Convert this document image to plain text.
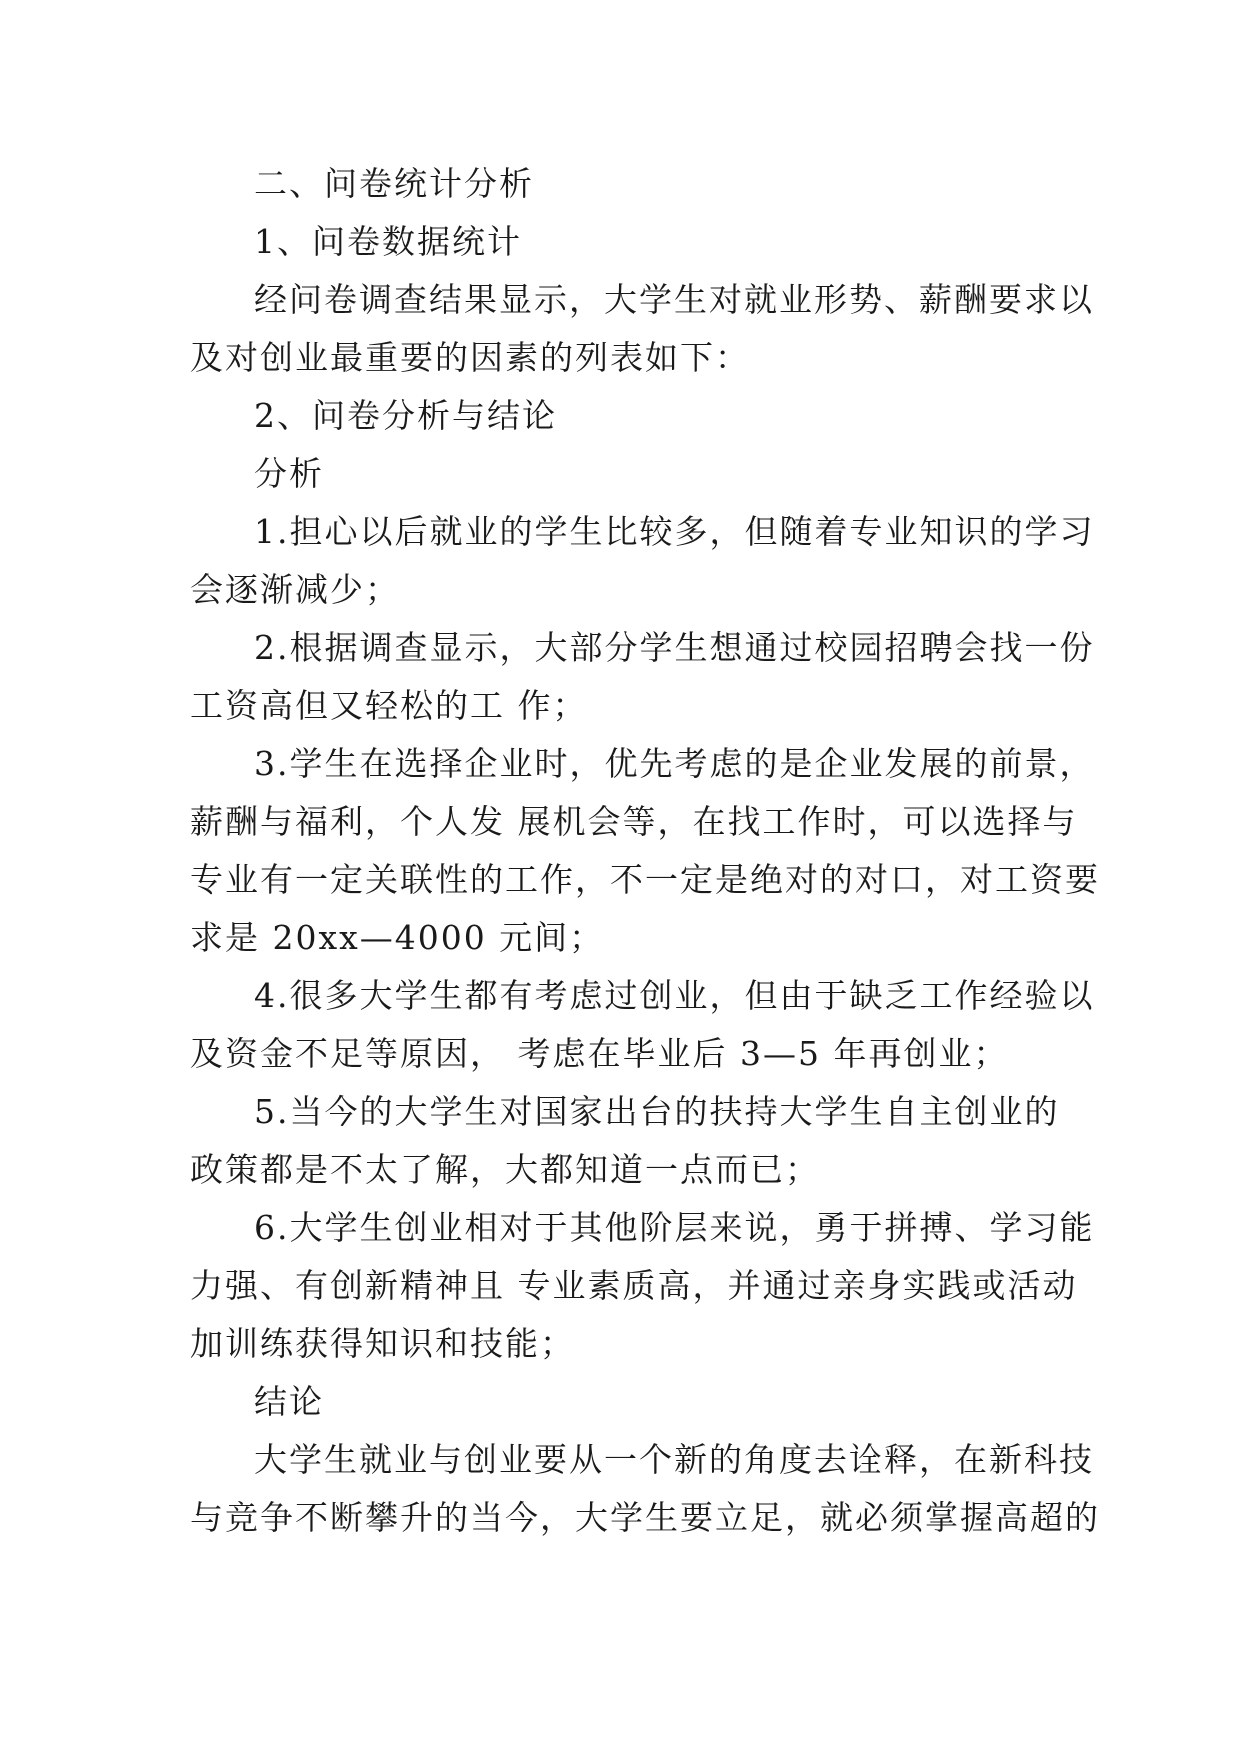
二、问卷统计分析
1、问卷数据统计
经问卷调查结果显示，大学生对就业形势、薪酬要求以
及对创业最重要的因素的列表如下：
2、问卷分析与结论
分析
1.担心以后就业的学生比较多，但随着专业知识的学习
会逐渐减少；
2.根据调查显示，大部分学生想通过校园招聘会找一份
工资高但又轻松的工 作；
3.学生在选择企业时，优先考虑的是企业发展的前景，
薪酬与福利，个人发 展机会等，在找工作时，可以选择与
专业有一定关联性的工作，不一定是绝对的对口，对工资要
求是 20xx—4000 元间；
4.很多大学生都有考虑过创业，但由于缺乏工作经验以
及资金不足等原因， 考虑在毕业后 3—5 年再创业；
5.当今的大学生对国家出台的扶持大学生自主创业的
政策都是不太了解，大都知道一点而已；
6.大学生创业相对于其他阶层来说，勇于拼搏、学习能
力强、有创新精神且 专业素质高，并通过亲身实践或活动
加训练获得知识和技能；
结论
大学生就业与创业要从一个新的角度去诠释，在新科技
与竞争不断攀升的当今，大学生要立足，就必须掌握高超的
